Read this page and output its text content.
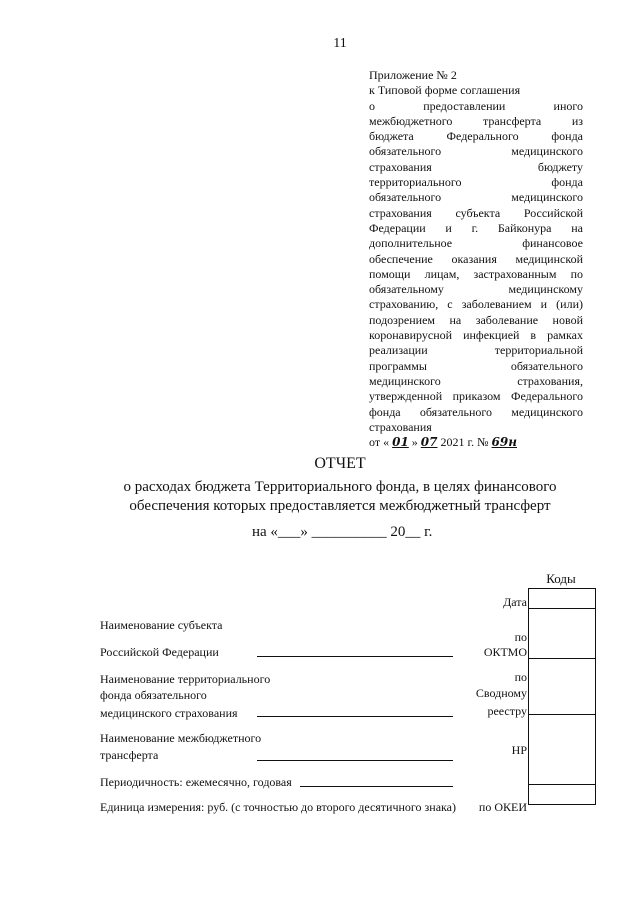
11
Приложение № 2
к Типовой форме соглашения
о предоставлении иного
межбюджетного трансферта из
бюджета Федерального фонда
обязательного медицинского
страхования бюджету
территориального фонда
обязательного медицинского
страхования субъекта Российской
Федерации и г. Байконура на
дополнительное финансовое
обеспечение оказания медицинской
помощи лицам, застрахованным по
обязательному медицинскому
страхованию, с заболеванием и (или)
подозрением на заболевание новой
коронавирусной инфекцией в рамках
реализации территориальной
программы обязательного
медицинского страхования,
утвержденной приказом Федерального
фонда обязательного медицинского
страхования
от « 01 » 07 2021 г. № 69н
ОТЧЕТ
о расходах бюджета Территориального фонда, в целях финансового обеспечения которых предоставляется межбюджетный трансферт
на «___» __________ 20__ г.
Коды
Дата
по
ОКТМО
по
Сводному
реестру
НР
по ОКЕИ
Наименование субъекта
Российской Федерации
Наименование территориального
фонда обязательного
медицинского страхования
Наименование межбюджетного
трансферта
Периодичность: ежемесячно, годовая
Единица измерения: руб. (с точностью до второго десятичного знака)
